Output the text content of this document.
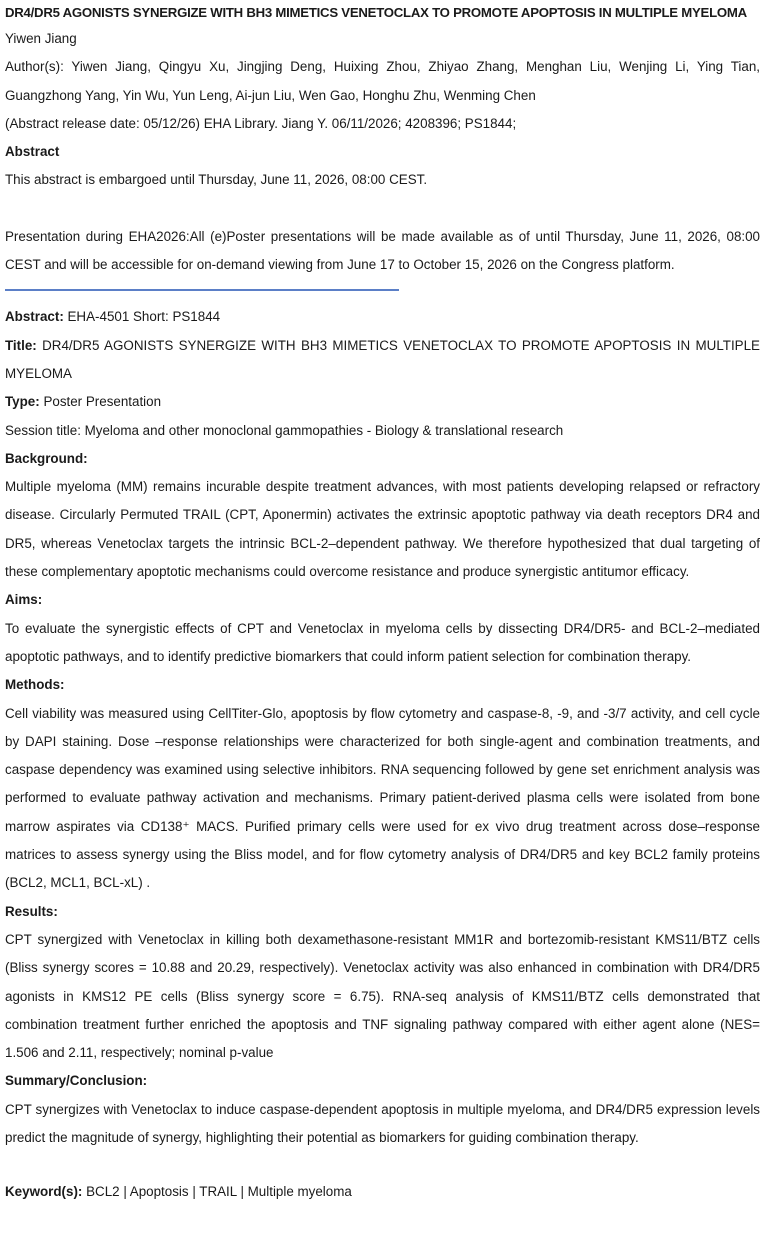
DR4/DR5 AGONISTS SYNERGIZE WITH BH3 MIMETICS VENETOCLAX TO PROMOTE APOPTOSIS IN MULTIPLE MYELOMA

Yiwen Jiang

Author(s): Yiwen Jiang, Qingyu Xu, Jingjing Deng, Huixing Zhou, Zhiyao Zhang, Menghan Liu, Wenjing Li, Ying Tian, Guangzhong Yang, Yin Wu, Yun Leng, Ai-jun Liu, Wen Gao, Honghu Zhu, Wenming Chen

(Abstract release date: 05/12/26) EHA Library. Jiang Y. 06/11/2026; 4208396; PS1844;

Abstract

This abstract is embargoed until Thursday, June 11, 2026, 08:00 CEST.

Presentation during EHA2026:All (e)Poster presentations will be made available as of until Thursday, June 11, 2026, 08:00 CEST and will be accessible for on-demand viewing from June 17 to October 15, 2026 on the Congress platform.

Abstract: EHA-4501 Short: PS1844

Title: DR4/DR5 AGONISTS SYNERGIZE WITH BH3 MIMETICS VENETOCLAX TO PROMOTE APOPTOSIS IN MULTIPLE MYELOMA

Type: Poster Presentation

Session title: Myeloma and other monoclonal gammopathies - Biology & translational research

Background:

Multiple myeloma (MM) remains incurable despite treatment advances, with most patients developing relapsed or refractory disease. Circularly Permuted TRAIL (CPT, Aponermin) activates the extrinsic apoptotic pathway via death receptors DR4 and DR5, whereas Venetoclax targets the intrinsic BCL-2–dependent pathway. We therefore hypothesized that dual targeting of these complementary apoptotic mechanisms could overcome resistance and produce synergistic antitumor efficacy.

Aims:

To evaluate the synergistic effects of CPT and Venetoclax in myeloma cells by dissecting DR4/DR5- and BCL-2–mediated apoptotic pathways, and to identify predictive biomarkers that could inform patient selection for combination therapy.

Methods:

Cell viability was measured using CellTiter-Glo, apoptosis by flow cytometry and caspase-8, -9, and -3/7 activity, and cell cycle by DAPI staining. Dose –response relationships were characterized for both single-agent and combination treatments, and caspase dependency was examined using selective inhibitors. RNA sequencing followed by gene set enrichment analysis was performed to evaluate pathway activation and mechanisms. Primary patient-derived plasma cells were isolated from bone marrow aspirates via CD138⁺ MACS. Purified primary cells were used for ex vivo drug treatment across dose–response matrices to assess synergy using the Bliss model, and for flow cytometry analysis of DR4/DR5 and key BCL2 family proteins (BCL2, MCL1, BCL-xL) .

Results:

CPT synergized with Venetoclax in killing both dexamethasone-resistant MM1R and bortezomib-resistant KMS11/BTZ cells (Bliss synergy scores = 10.88 and 20.29, respectively). Venetoclax activity was also enhanced in combination with DR4/DR5 agonists in KMS12 PE cells (Bliss synergy score = 6.75). RNA-seq analysis of KMS11/BTZ cells demonstrated that combination treatment further enriched the apoptosis and TNF signaling pathway compared with either agent alone (NES= 1.506 and 2.11, respectively; nominal p-value

Summary/Conclusion:

CPT synergizes with Venetoclax to induce caspase-dependent apoptosis in multiple myeloma, and DR4/DR5 expression levels predict the magnitude of synergy, highlighting their potential as biomarkers for guiding combination therapy.

Keyword(s): BCL2 | Apoptosis | TRAIL | Multiple myeloma
